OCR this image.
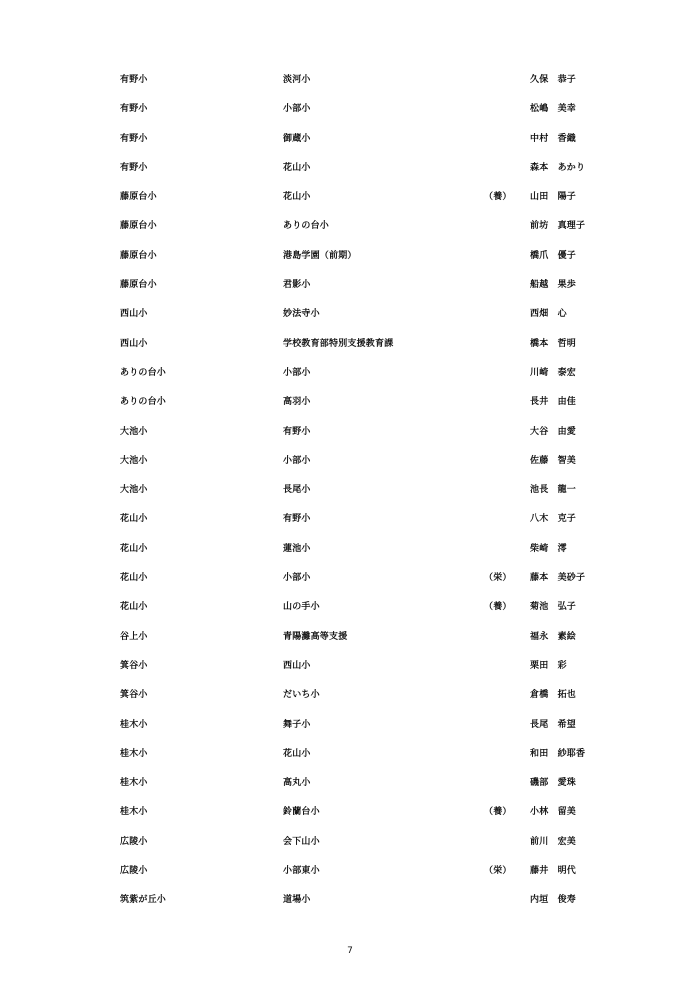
有野小	淡河小	久保　恭子
有野小	小部小	松嶋　美幸
有野小	御蔵小	中村　香織
有野小	花山小	森本　あかり
藤原台小	花山小	（養） 山田　陽子
藤原台小	ありの台小	前坊　真理子
藤原台小	港島学園（前期）	橋爪　優子
藤原台小	君影小	船越　果歩
西山小	妙法寺小	西畑　心
西山小	学校教育部特別支援教育課	橋本　哲明
ありの台小	小部小	川崎　泰宏
ありの台小	高羽小	長井　由佳
大池小	有野小	大谷　由愛
大池小	小部小	佐藤　智美
大池小	長尾小	池長　龍一
花山小	有野小	八木　克子
花山小	蓮池小	柴崎　澪
花山小	小部小	（栄） 藤本　美砂子
花山小	山の手小	（養） 菊池　弘子
谷上小	青陽灘高等支援	福永　素絵
箕谷小	西山小	栗田　彩
箕谷小	だいち小	倉橋　拓也
桂木小	舞子小	長尾　希望
桂木小	花山小	和田　紗耶香
桂木小	高丸小	磯部　愛珠
桂木小	鈴蘭台小	（養） 小林　留美
広陵小	会下山小	前川　宏美
広陵小	小部東小	（栄） 藤井　明代
筑紫が丘小	道場小	内垣　俊寿
7
